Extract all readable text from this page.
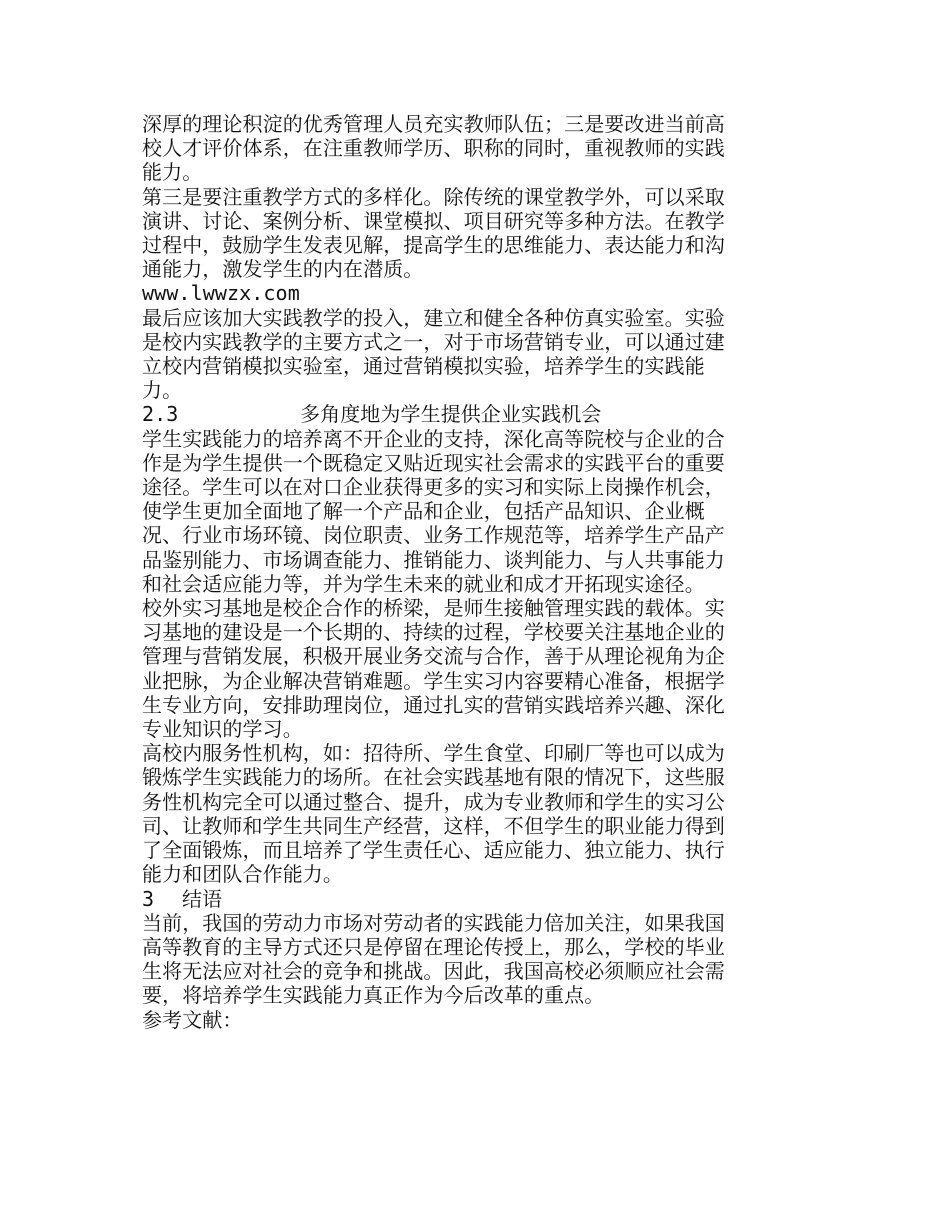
深厚的理论积淀的优秀管理人员充实教师队伍；三是要改进当前高校人才评价体系，在注重教师学历、职称的同时，重视教师的实践能力。

第三是要注重教学方式的多样化。除传统的课堂教学外，可以采取演讲、讨论、案例分析、课堂模拟、项目研究等多种方法。在教学过程中，鼓励学生发表见解，提高学生的思维能力、表达能力和沟通能力，激发学生的内在潜质。

www.lwwzx.com

最后应该加大实践教学的投入，建立和健全各种仿真实验室。实验是校内实践教学的主要方式之一，对于市场营销专业，可以通过建立校内营销模拟实验室，通过营销模拟实验，培养学生的实践能力。

2.3	多角度地为学生提供企业实践机会

学生实践能力的培养离不开企业的支持，深化高等院校与企业的合作是为学生提供一个既稳定又贴近现实社会需求的实践平台的重要途径。学生可以在对口企业获得更多的实习和实际上岗操作机会，使学生更加全面地了解一个产品和企业，包括产品知识、企业概况、行业市场环镜、岗位职责、业务工作规范等，培养学生产品产品鉴别能力、市场调查能力、推销能力、谈判能力、与人共事能力和社会适应能力等，并为学生未来的就业和成才开拓现实途径。

校外实习基地是校企合作的桥梁，是师生接触管理实践的载体。实习基地的建设是一个长期的、持续的过程，学校要关注基地企业的管理与营销发展，积极开展业务交流与合作，善于从理论视角为企业把脉，为企业解决营销难题。学生实习内容要精心准备，根据学生专业方向，安排助理岗位，通过扎实的营销实践培养兴趣、深化专业知识的学习。

高校内服务性机构，如：招待所、学生食堂、印刷厂等也可以成为锻炼学生实践能力的场所。在社会实践基地有限的情况下，这些服务性机构完全可以通过整合、提升，成为专业教师和学生的实习公司、让教师和学生共同生产经营，这样，不但学生的职业能力得到了全面锻炼，而且培养了学生责任心、适应能力、独立能力、执行能力和团队合作能力。

3 结语

当前，我国的劳动力市场对劳动者的实践能力倍加关注，如果我国高等教育的主导方式还只是停留在理论传授上，那么，学校的毕业生将无法应对社会的竞争和挑战。因此，我国高校必须顺应社会需要，将培养学生实践能力真正作为今后改革的重点。

参考文献：
